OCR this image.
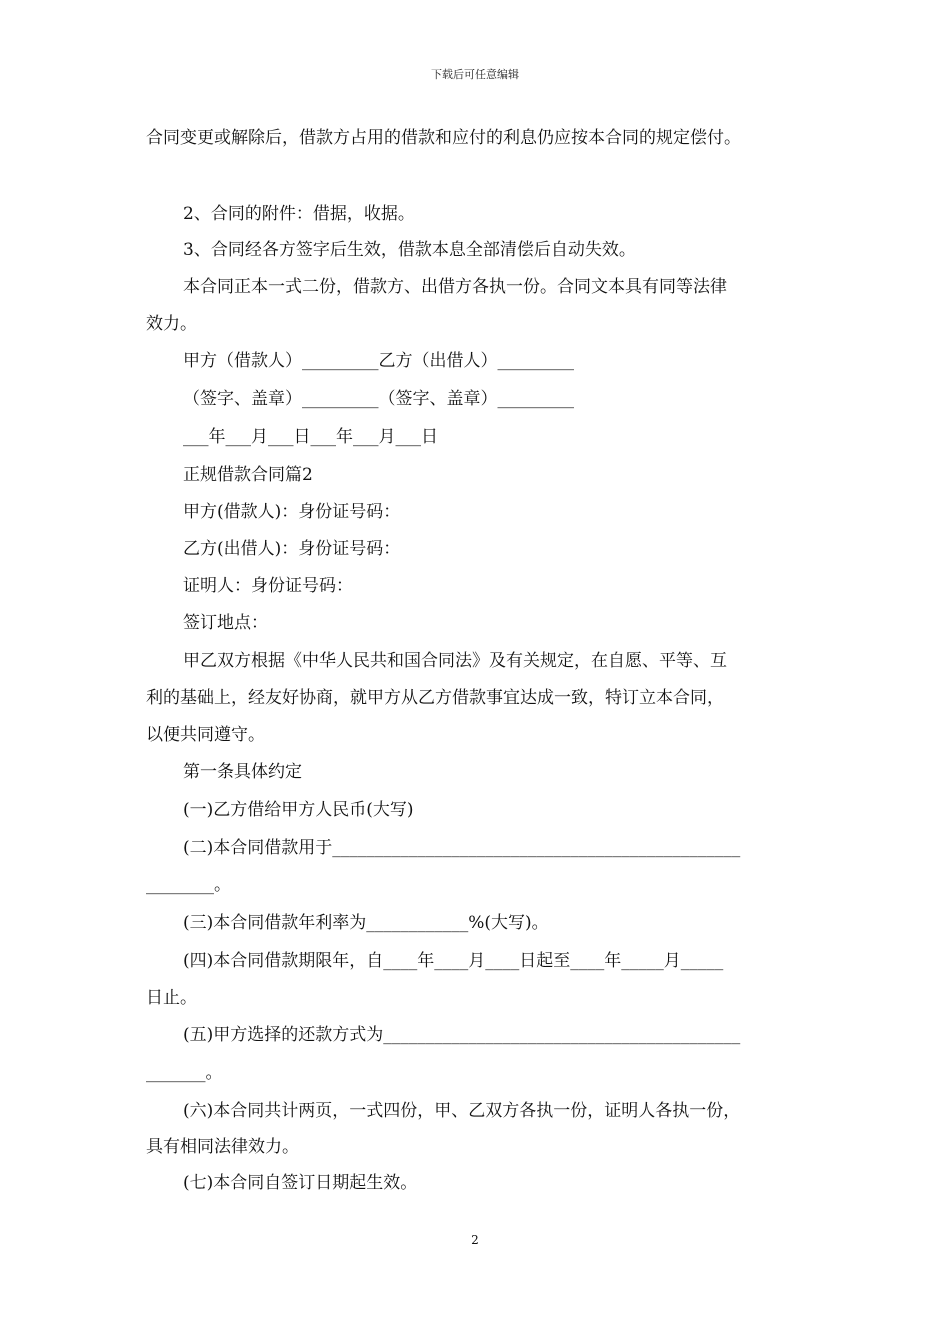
下载后可任意编辑
合同变更或解除后，借款方占用的借款和应付的利息仍应按本合同的规定偿付。
2、合同的附件：借据，收据。
3、合同经各方签字后生效，借款本息全部清偿后自动失效。
本合同正本一式二份，借款方、出借方各执一份。合同文本具有同等法律
效力。
甲方（借款人）_________乙方（出借人）_________
（签字、盖章）_________（签字、盖章）_________
___年___月___日___年___月___日
正规借款合同篇2
甲方(借款人)：身份证号码：
乙方(出借人)：身份证号码：
证明人：身份证号码：
签订地点：
甲乙双方根据《中华人民共和国合同法》及有关规定，在自愿、平等、互
利的基础上，经友好协商，就甲方从乙方借款事宜达成一致，特订立本合同，
以便共同遵守。
第一条具体约定
(一)乙方借给甲方人民币(大写)
(二)本合同借款用于________________________________________________
________。
(三)本合同借款年利率为____________%(大写)。
(四)本合同借款期限年，自____年____月____日起至____年_____月_____
日止。
(五)甲方选择的还款方式为__________________________________________
_______。
(六)本合同共计两页，一式四份，甲、乙双方各执一份，证明人各执一份，
具有相同法律效力。
(七)本合同自签订日期起生效。
2
